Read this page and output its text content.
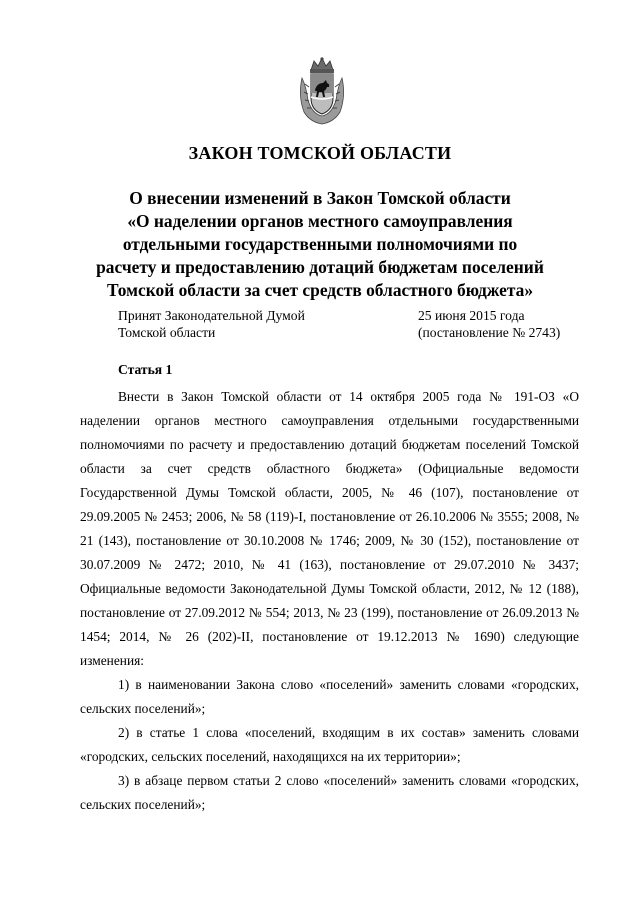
ЗАКОН ТОМСКОЙ ОБЛАСТИ
О внесении изменений в Закон Томской области
«О наделении органов местного самоуправления
отдельными государственными полномочиями по
расчету и предоставлению дотаций бюджетам поселений
Томской области за счет средств областного бюджета»
Принят Законодательной Думой
Томской области
25 июня 2015 года
(постановление № 2743)
Статья 1

Внести в Закон Томской области от 14 октября 2005 года № 191-ОЗ «О наделении органов местного самоуправления отдельными государственными полномочиями по расчету и предоставлению дотаций бюджетам поселений Томской области за счет средств областного бюджета» (Официальные ведомости Государственной Думы Томской области, 2005, № 46 (107), постановление от 29.09.2005 № 2453; 2006, № 58 (119)-I, постановление от 26.10.2006 № 3555; 2008, № 21 (143), постановление от 30.10.2008 № 1746; 2009, № 30 (152), постановление от 30.07.2009 № 2472; 2010, № 41 (163), постановление от 29.07.2010 № 3437; Официальные ведомости Законодательной Думы Томской области, 2012, № 12 (188), постановление от 27.09.2012 № 554; 2013, № 23 (199), постановление от 26.09.2013 № 1454; 2014, № 26 (202)-II, постановление от 19.12.2013 № 1690) следующие изменения:

1) в наименовании Закона слово «поселений» заменить словами «городских, сельских поселений»;

2) в статье 1 слова «поселений, входящим в их состав» заменить словами «городских, сельских поселений, находящихся на их территории»;

3) в абзаце первом статьи 2 слово «поселений» заменить словами «городских, сельских поселений»;
